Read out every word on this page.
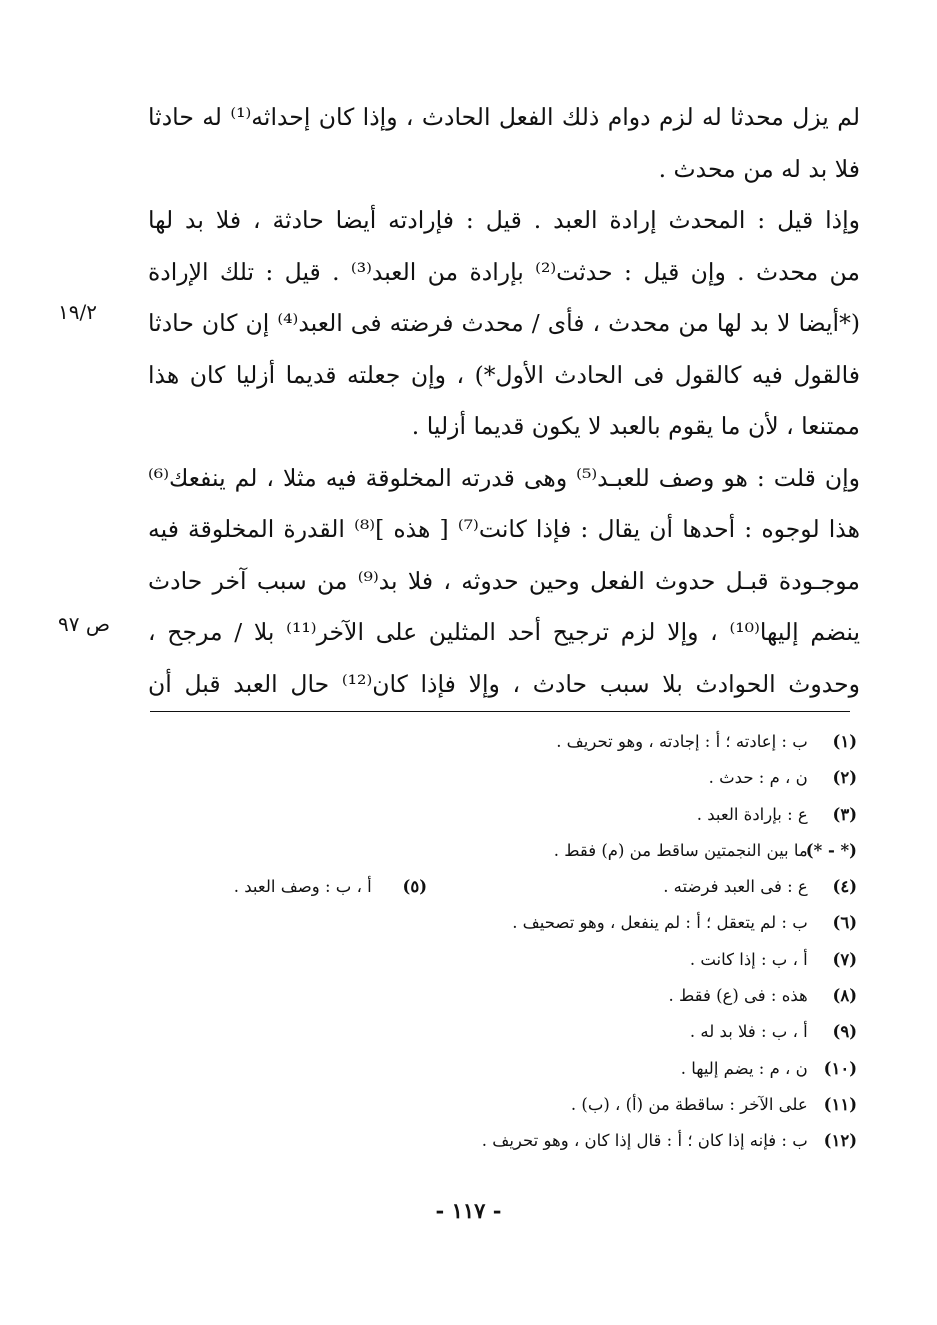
لم يزل محدثا له لزم دوام ذلك الفعل الحادث ، وإذا كان إحداثه⁽¹⁾ له حادثا
فلا بد له من محدث .
وإذا قيل : المحدث إرادة العبد . قيل : فإرادته أيضا حادثة ، فلا بد لها
من محدث . وإن قيل : حدثت⁽²⁾ بإرادة من العبد⁽³⁾ . قيل : تلك الإرادة
(*أيضا لا بد لها من محدث ، فأى / محدث فرضته فى العبد⁽⁴⁾ إن كان حادثا
فالقول فيه كالقول فى الحادث الأول*) ، وإن جعلته قديما أزليا كان هذا
ممتنعا ، لأن ما يقوم بالعبد لا يكون قديما أزليا .
وإن قلت : هو وصف للعبـد⁽⁵⁾ وهى قدرته المخلوقة فيه مثلا ، لم ينفعك⁽⁶⁾
هذا لوجوه : أحدها أن يقال : فإذا كانت⁽⁷⁾ [ هذه ]⁽⁸⁾ القدرة المخلوقة فيه
موجـودة قبـل حدوث الفعل وحين حدوثه ، فلا بد⁽⁹⁾ من سبب آخر حادث
ينضم إليها⁽¹⁰⁾ ، وإلا لزم ترجيح أحد المثلين على الآخر⁽¹¹⁾ بلا / مرجح ،
وحدوث الحوادث بلا سبب حادث ، وإلا فإذا كان⁽¹²⁾ حال العبد قبل أن
١٩/٢
ص ٩٧
(١) ب : إعادته ؛ أ : إجادته ، وهو تحريف .
(٢) ن ، م : حدث .
(٣) ع : بإرادة العبد .
(* - *) ما بين النجمتين ساقط من (م) فقط .
(٤) ع : فى العبد فرضته .
(٥) أ ، ب : وصف العبد .
(٦) ب : لم يتعقل ؛ أ : لم ينفعل ، وهو تصحيف .
(٧) أ ، ب : إذا كانت .
(٨) هذه : فى (ع) فقط .
(٩) أ ، ب : فلا بد له .
(١٠) ن ، م : يضم إليها .
(١١) على الآخر : ساقطة من (أ) ، (ب) .
(١٢) ب : فإنه إذا كان ؛ أ : قال إذا كان ، وهو تحريف .
- ١١٧ -
